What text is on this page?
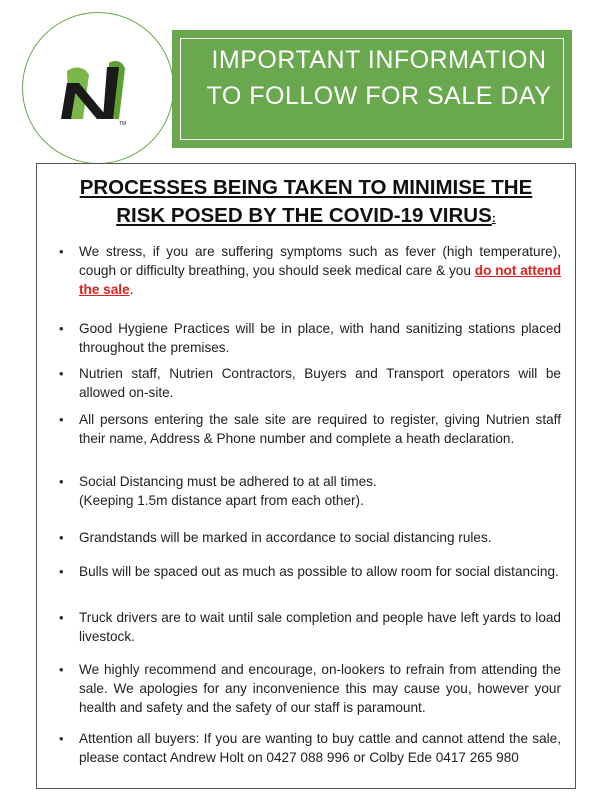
TM
IMPORTANT INFORMATION
TO FOLLOW FOR SALE DAY
PROCESSES BEING TAKEN TO MINIMISE THE
RISK POSED BY THE COVID-19 VIRUS:
• We stress, if you are suffering symptoms such as fever (high temperature), cough or difficulty breathing, you should seek medical care & you do not attend the sale.
• Good Hygiene Practices will be in place, with hand sanitizing stations placed throughout the premises.
• Nutrien staff, Nutrien Contractors, Buyers and Transport operators will be allowed on-site.
• All persons entering the sale site are required to register, giving Nutrien staff their name, Address & Phone number and complete a heath declaration.
• Social Distancing must be adhered to at all times.
(Keeping 1.5m distance apart from each other).
• Grandstands will be marked in accordance to social distancing rules.
• Bulls will be spaced out as much as possible to allow room for social distancing.
• Truck drivers are to wait until sale completion and people have left yards to load livestock.
• We highly recommend and encourage, on-lookers to refrain from attending the sale. We apologies for any inconvenience this may cause you, however your health and safety and the safety of our staff is paramount.
• Attention all buyers: If you are wanting to buy cattle and cannot attend the sale, please contact Andrew Holt on 0427 088 996 or Colby Ede 0417 265 980
